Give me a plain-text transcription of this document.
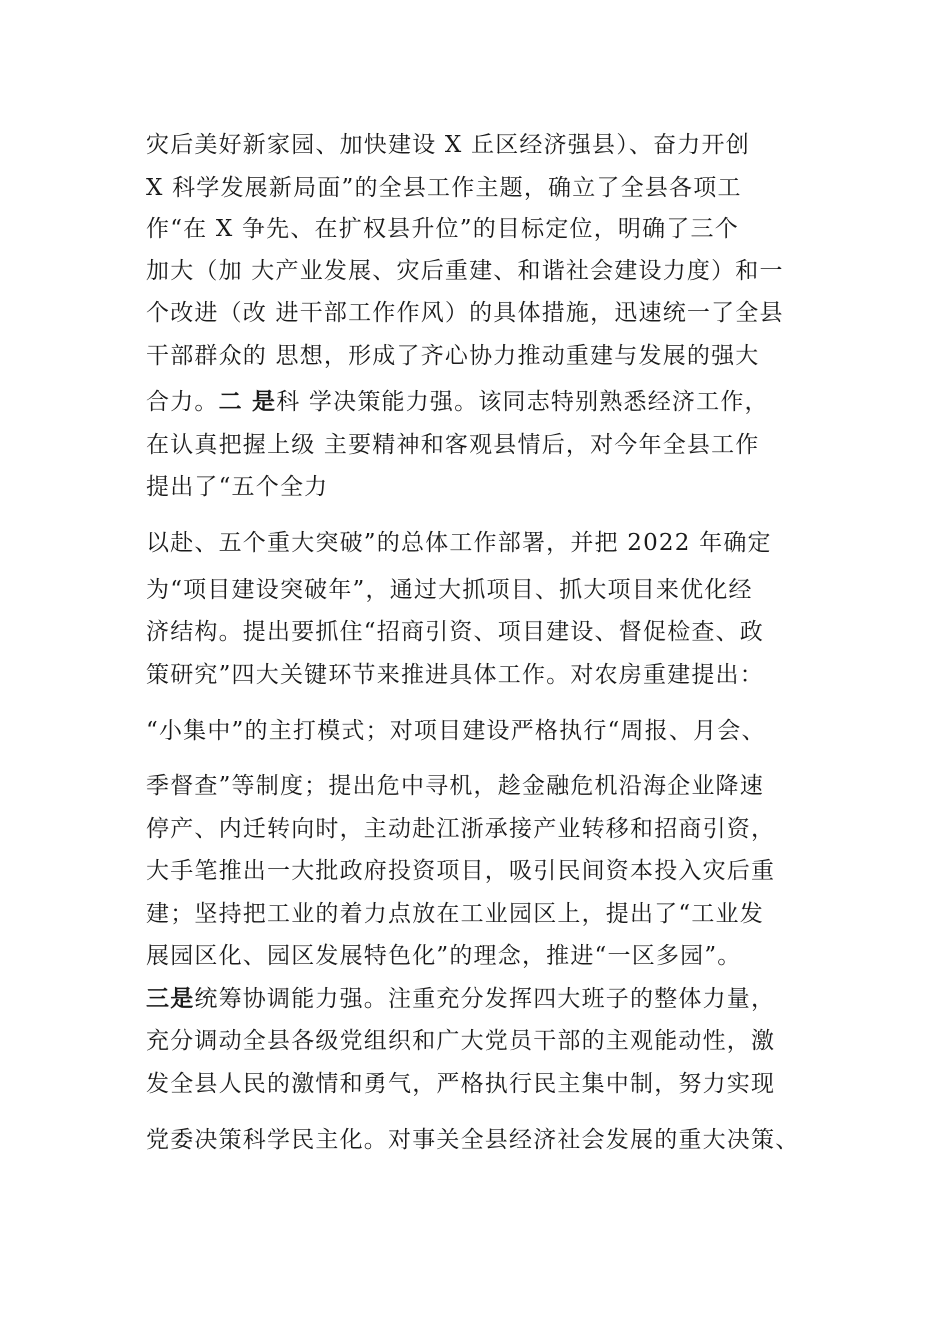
灾后美好新家园、加快建设 X 丘区经济强县）、奋力开创
X 科学发展新局面”的全县工作主题，确立了全县各项工
作“在 X 争先、在扩权县升位”的目标定位，明确了三个
加大（加 大产业发展、灾后重建、和谐社会建设力度）和一
个改进（改 进干部工作作风）的具体措施，迅速统一了全县
干部群众的 思想，形成了齐心协力推动重建与发展的强大
合力。二 是科 学决策能力强。该同志特别熟悉经济工作，
在认真把握上级 主要精神和客观县情后，对今年全县工作
提出了“五个全力
以赴、五个重大突破”的总体工作部署，并把 2022 年确定
为“项目建设突破年”，通过大抓项目、抓大项目来优化经
济结构。提出要抓住“招商引资、项目建设、督促检查、政
策研究”四大关键环节来推进具体工作。对农房重建提出：
“小集中”的主打模式；对项目建设严格执行“周报、月会、
季督查”等制度；提出危中寻机，趁金融危机沿海企业降速
停产、内迁转向时，主动赴江浙承接产业转移和招商引资，
大手笔推出一大批政府投资项目，吸引民间资本投入灾后重
建；坚持把工业的着力点放在工业园区上，提出了“工业发
展园区化、园区发展特色化”的理念，推进“一区多园”。
三是统筹协调能力强。注重充分发挥四大班子的整体力量，
充分调动全县各级党组织和广大党员干部的主观能动性，激
发全县人民的激情和勇气，严格执行民主集中制，努力实现
党委决策科学民主化。对事关全县经济社会发展的重大决策、
